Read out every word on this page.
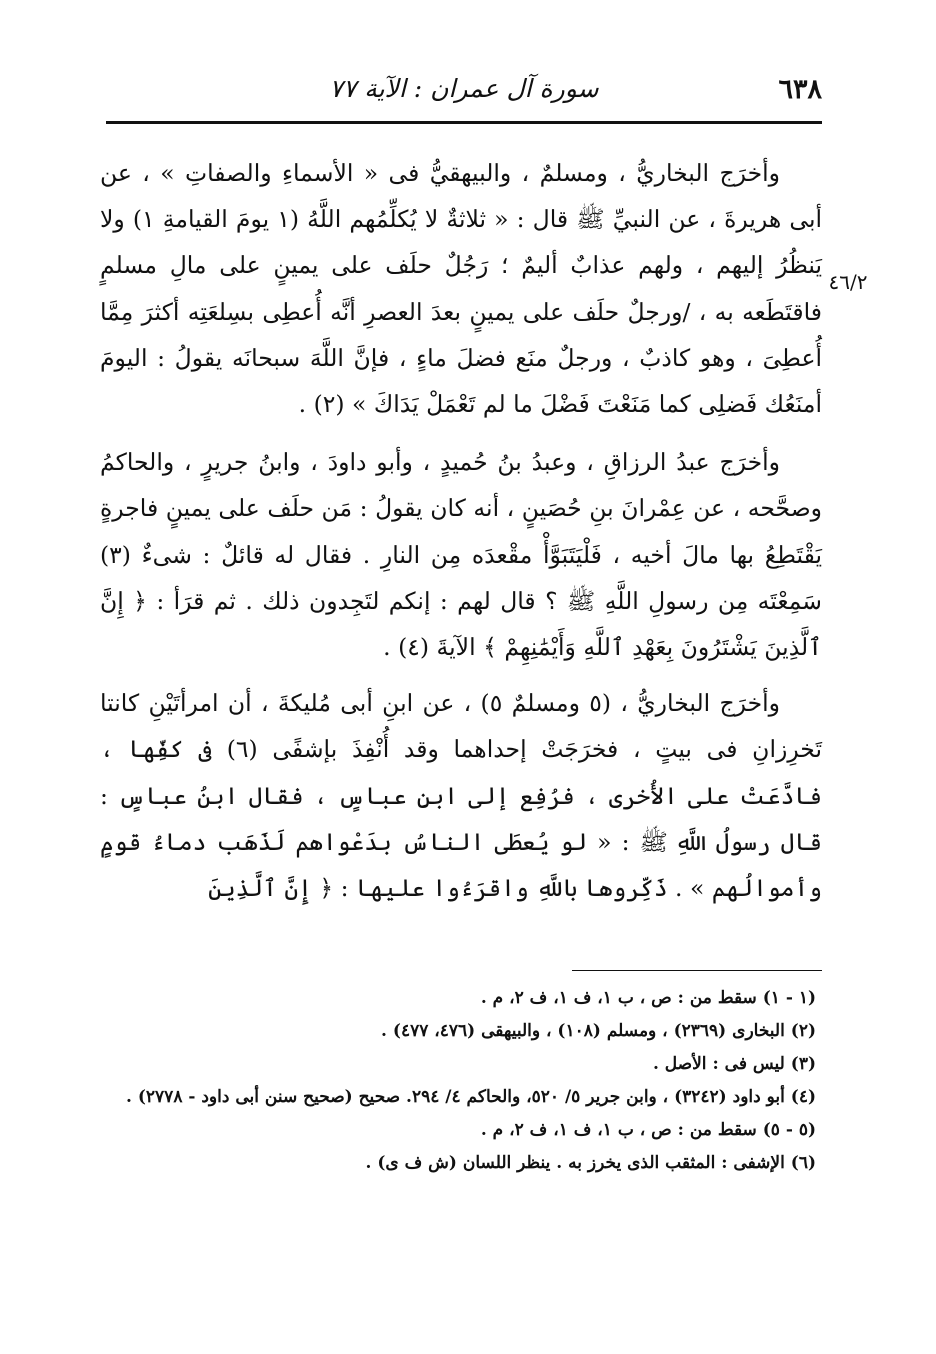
٦٣٨
سورة آل عمران : الآية ٧٧
٤٦/٢

وأخرَج البخاريُّ ، ومسلمٌ ، والبيهقيُّ فى « الأسماءِ والصفاتِ » ، عن أبى هريرةَ ، عن النبيِّ ﷺ قال : « ثلاثةٌ لا يُكلِّمُهم اللَّهُ (١ يومَ القيامةِ ١) ولا يَنظُرُ إليهم ، ولهم عذابٌ أليمٌ ؛ رَجُلٌ حلَف على يمينٍ على مالِ مسلمٍ فاقتَطَعه به ، /ورجلٌ حلَف على يمينٍ بعدَ العصرِ أنَّه أُعطِى بسِلعَتِه أكثرَ مِمَّا أُعطِىَ ، وهو كاذبٌ ، ورجلٌ منَع فضلَ ماءٍ ، فإنَّ اللَّهَ سبحانَه يقولُ : اليومَ أمنَعُك فَضلِى كما مَنَعْتَ فَضْلَ ما لم تَعْمَلْ يَدَاكَ » (٢) .

وأخرَج عبدُ الرزاقِ ، وعبدُ بنُ حُميدٍ ، وأبو داودَ ، وابنُ جريرٍ ، والحاكمُ وصحَّحه ، عن عِمْرانَ بنِ حُصَينٍ ، أنه كان يقولُ : مَن حلَف على يمينٍ فاجرةٍ يَقْتَطِعُ بها مالَ أخيه ، فَلْيَتَبَوَّأْ مقْعدَه مِن النارِ . فقال له قائلٌ : شىءٌ (٣) سَمِعْتَه مِن رسولِ اللَّهِ ﷺ ؟ قال لهم : إنكم لتَجِدون ذلك . ثم قرَأ : ﴿ إِنَّ ٱلَّذِينَ يَشْتَرُونَ بِعَهْدِ ٱللَّهِ وَأَيْمَٰنِهِمْ ﴾ الآيةَ (٤) .

وأخرَج البخاريُّ ، (٥ ومسلمٌ ٥) ، عن ابنِ أبى مُليكةَ ، أن امرأتَيْنِ كانتا تَخرِزانِ فى بيتٍ ، فخرَجَتْ إحداهما وقد أُنْفِذَ بإشفًى (٦) فى كفِّها ، فادَّعَتْ على الأُخرى ، فرُفِع إلى ابنِ عباسٍ ، فقال ابنُ عباسٍ : قال رسولُ اللَّهِ ﷺ : « لو يُعطَى الناسُ بدَعْواهم لَذَهَب دماءُ قومٍ وأموالُهم » . ذَكِّروها باللَّهِ واقرَءُوا عليها : ﴿ إِنَّ ٱلَّذِينَ

(١ - ١) سقط من : ص ، ب ١، ف ١، ف ٢، م .

(٢) البخارى (٢٣٦٩) ، ومسلم (١٠٨) ، والبيهقى (٤٧٦، ٤٧٧) .

(٣) ليس فى : الأصل .

(٤) أبو داود (٣٢٤٢) ، وابن جرير ٥/ ٥٢٠، والحاكم ٤/ ٢٩٤. صحيح (صحيح سنن أبى داود - ٢٧٧٨) .

(٥ - ٥) سقط من : ص ، ب ١، ف ١، ف ٢، م .

(٦) الإشفى : المثقب الذى يخرز به . ينظر اللسان (ش ف ى) .
